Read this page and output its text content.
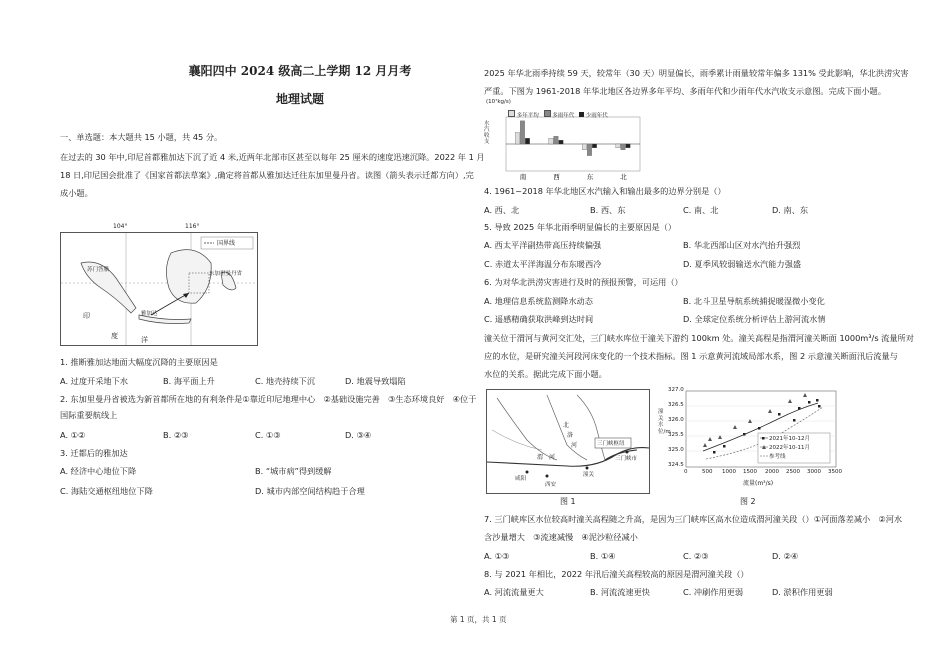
襄阳四中 2024 级高二上学期 12 月月考
地理试题
一、单选题：本大题共 15 小题，共 45 分。
在过去的 30 年中,印尼首都雅加达下沉了近 4 米,近两年北部市区甚至以每年 25 厘米的速度迅速沉降。2022 年 1 月
18 日,印尼国会批准了《国家首都法草案》,确定将首都从雅加达迁往东加里曼丹省。读图（箭头表示迁都方向）,完
成小题。
104°	116°
国界线
苏门答腊
东加里曼丹省
雅加达
印
度	洋
1. 推断雅加达地面大幅度沉降的主要原因是
A. 过度开采地下水	B. 海平面上升	C. 地壳持续下沉	D. 地震导致塌陷
2. 东加里曼丹省被选为新首都所在地的有利条件是①靠近印尼地理中心　②基础设施完善　③生态环境良好　④位于
国际重要航线上
A. ①②	B. ②③	C. ①③	D. ③④
3. 迁都后的雅加达
A. 经济中心地位下降	B. “城市病”得到缓解
C. 海陆交通枢纽地位下降	D. 城市内部空间结构趋于合理
2025 年华北雨季持续 59 天，较常年（30 天）明显偏长，雨季累计雨量较常年偏多 131% 受此影响，华北洪涝灾害
严重。下图为 1961-2018 年华北地区各边界多年平均、多雨年代和少雨年代水汽收支示意图。完成下面小题。
(10⁷kg/s)
水汽收支
南	西	东	北
多年平均 多雨年代 少雨年代
4. 1961~2018 年华北地区水汽输入和输出最多的边界分别是（）
A. 西、北	B. 西、东	C. 南、北	D. 南、东
5. 导致 2025 年华北雨季明显偏长的主要原因是（）
A. 西太平洋副热带高压持续偏强	B. 华北西部山区对水汽抬升强烈
C. 赤道太平洋海温分布东暖西冷	D. 夏季风较弱输送水汽能力强盛
6. 为对华北洪涝灾害进行及时的预报预警，可运用（）
A. 地理信息系统监测降水动态	B. 北斗卫星导航系统捕捉暖湿微小变化
C. 遥感精确获取洪峰到达时间	D. 全球定位系统分析评估上游河流水情
潼关位于渭河与黄河交汇处，三门峡水库位于潼关下游约 100km 处。潼关高程是指渭河潼关断面 1000m³/s 流量所对
应的水位，是研究潼关河段河床变化的一个技术指标。图 1 示意黄河流域局部水系，图 2 示意潼关断面汛后流量与
水位的关系。据此完成下面小题。
三门峡枢纽
咸阳
西安
潼关
三门峡市
渭 河
北
洛
河
图 1
潼关水位/m
327.0
326.5
326.0
325.5
325.0
324.5
0	500 1000 1500 2000 2500 3000 3500
流量(m³/s)
2021年10-12月
2022年10-11月
参考线
图 2
7. 三门峡库区水位较高时潼关高程随之升高，是因为三门峡库区高水位造成渭河潼关段（）①河面落差减小　②河水
含沙量增大　③流速减慢　④泥沙粒径减小
A. ①③	B. ①④	C. ②③	D. ②④
8. 与 2021 年相比，2022 年汛后潼关高程较高的原因是渭河潼关段（）
A. 河流流量更大	B. 河流流速更快	C. 冲刷作用更弱	D. 淤积作用更弱
第 1 页，共 1 页
